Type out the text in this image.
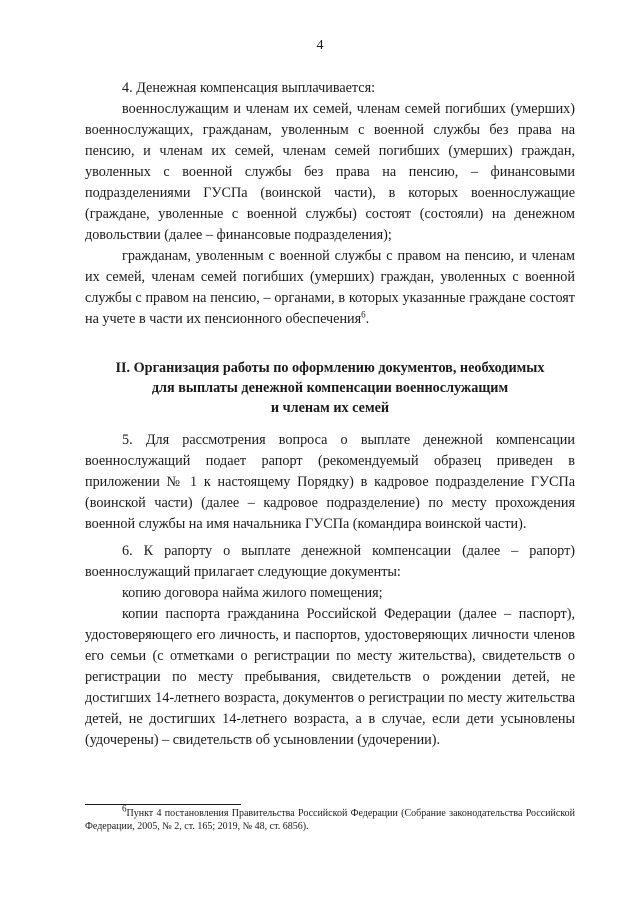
4

4. Денежная компенсация выплачивается:

военнослужащим и членам их семей, членам семей погибших (умерших) военнослужащих, гражданам, уволенным с военной службы без права на пенсию, и членам их семей, членам семей погибших (умерших) граждан, уволенных с военной службы без права на пенсию, – финансовыми подразделениями ГУСПа (воинской части), в которых военнослужащие (граждане, уволенные с военной службы) состоят (состояли) на денежном довольствии (далее – финансовые подразделения);

гражданам, уволенным с военной службы с правом на пенсию, и членам их семей, членам семей погибших (умерших) граждан, уволенных с военной службы с правом на пенсию, – органами, в которых указанные граждане состоят на учете в части их пенсионного обеспечения$^6$.

II. Организация работы по оформлению документов, необходимых
для выплаты денежной компенсации военнослужащим
и членам их семей

5. Для рассмотрения вопроса о выплате денежной компенсации военнослужащий подает рапорт (рекомендуемый образец приведен в приложении № 1 к настоящему Порядку) в кадровое подразделение ГУСПа (воинской части) (далее – кадровое подразделение) по месту прохождения военной службы на имя начальника ГУСПа (командира воинской части).

6. К рапорту о выплате денежной компенсации (далее – рапорт) военнослужащий прилагает следующие документы:

копию договора найма жилого помещения;

копии паспорта гражданина Российской Федерации (далее – паспорт), удостоверяющего его личность, и паспортов, удостоверяющих личности членов его семьи (с отметками о регистрации по месту жительства), свидетельств о регистрации по месту пребывания, свидетельств о рождении детей, не достигших 14-летнего возраста, документов о регистрации по месту жительства детей, не достигших 14-летнего возраста, а в случае, если дети усыновлены (удочерены) – свидетельств об усыновлении (удочерении).

$^6$Пункт 4 постановления Правительства Российской Федерации (Собрание законодательства Российской Федерации, 2005, № 2, ст. 165; 2019, № 48, ст. 6856).
